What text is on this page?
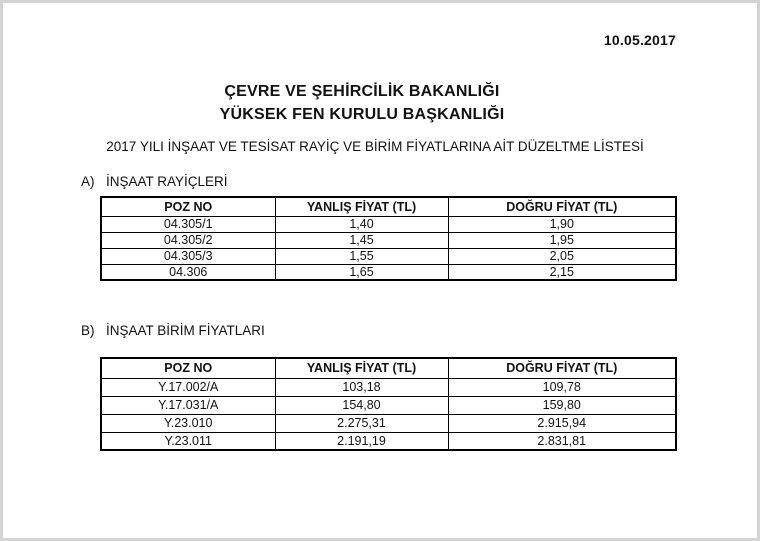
10.05.2017
ÇEVRE VE ŞEHİRCİLİK BAKANLIĞI
YÜKSEK FEN KURULU BAŞKANLIĞI
2017 YILI İNŞAAT VE TESİSAT RAYİÇ VE BİRİM FİYATLARINA AİT DÜZELTME LİSTESİ
A) İNŞAAT RAYİÇLERİ
POZ NO	YANLIŞ FİYAT (TL)	DOĞRU FİYAT (TL)
04.305/1	1,40	1,90
04.305/2	1,45	1,95
04.305/3	1,55	2,05
04.306	1,65	2,15
B) İNŞAAT BİRİM FİYATLARI
POZ NO	YANLIŞ FİYAT (TL)	DOĞRU FİYAT (TL)
Y.17.002/A	103,18	109,78
Y.17.031/A	154,80	159,80
Y.23.010	2.275,31	2.915,94
Y.23.011	2.191,19	2.831,81
